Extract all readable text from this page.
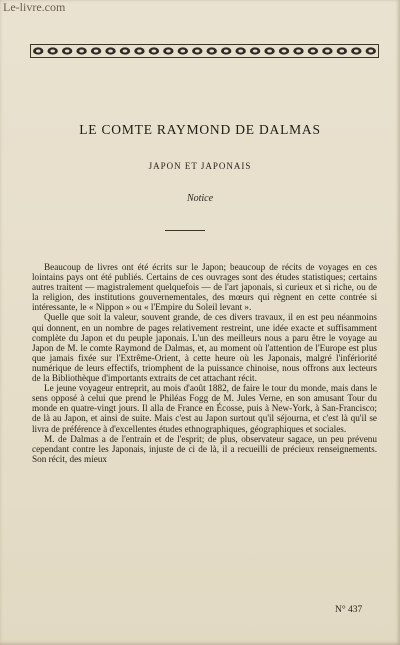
Le-livre.com
LE COMTE RAYMOND DE DALMAS
JAPON ET JAPONAIS
Notice

Beaucoup de livres ont été écrits sur le Japon; beaucoup de récits de voyages en ces lointains pays ont été publiés. Certains de ces ouvrages sont des études statistiques; certains autres traitent — magistralement quelquefois — de l'art japonais, si curieux et si riche, ou de la religion, des institutions gouvernementales, des mœurs qui règnent en cette contrée si intéressante, le « Nippon » ou « l'Empire du Soleil levant ».

Quelle que soit la valeur, souvent grande, de ces divers travaux, il en est peu néanmoins qui donnent, en un nombre de pages relativement restreint, une idée exacte et suffisamment complète du Japon et du peuple japonais. L'un des meilleurs nous a paru être le voyage au Japon de M. le comte Raymond de Dalmas, et, au moment où l'attention de l'Europe est plus que jamais fixée sur l'Extrême-Orient, à cette heure où les Japonais, malgré l'infériorité numérique de leurs effectifs, triomphent de la puissance chinoise, nous offrons aux lecteurs de la Bibliothèque d'importants extraits de cet attachant récit.

Le jeune voyageur entreprit, au mois d'août 1882, de faire le tour du monde, mais dans le sens opposé à celui que prend le Philéas Fogg de M. Jules Verne, en son amusant Tour du monde en quatre-vingt jours. Il alla de France en Écosse, puis à New-York, à San-Francisco; de là au Japon, et ainsi de suite. Mais c'est au Japon surtout qu'il séjourna, et c'est là qu'il se livra de préférence à d'excellentes études ethnographiques, géographiques et sociales.

M. de Dalmas a de l'entrain et de l'esprit; de plus, observateur sagace, un peu prévenu cependant contre les Japonais, injuste de ci de là, il a recueilli de précieux renseignements. Son récit, des mieux

N° 437
